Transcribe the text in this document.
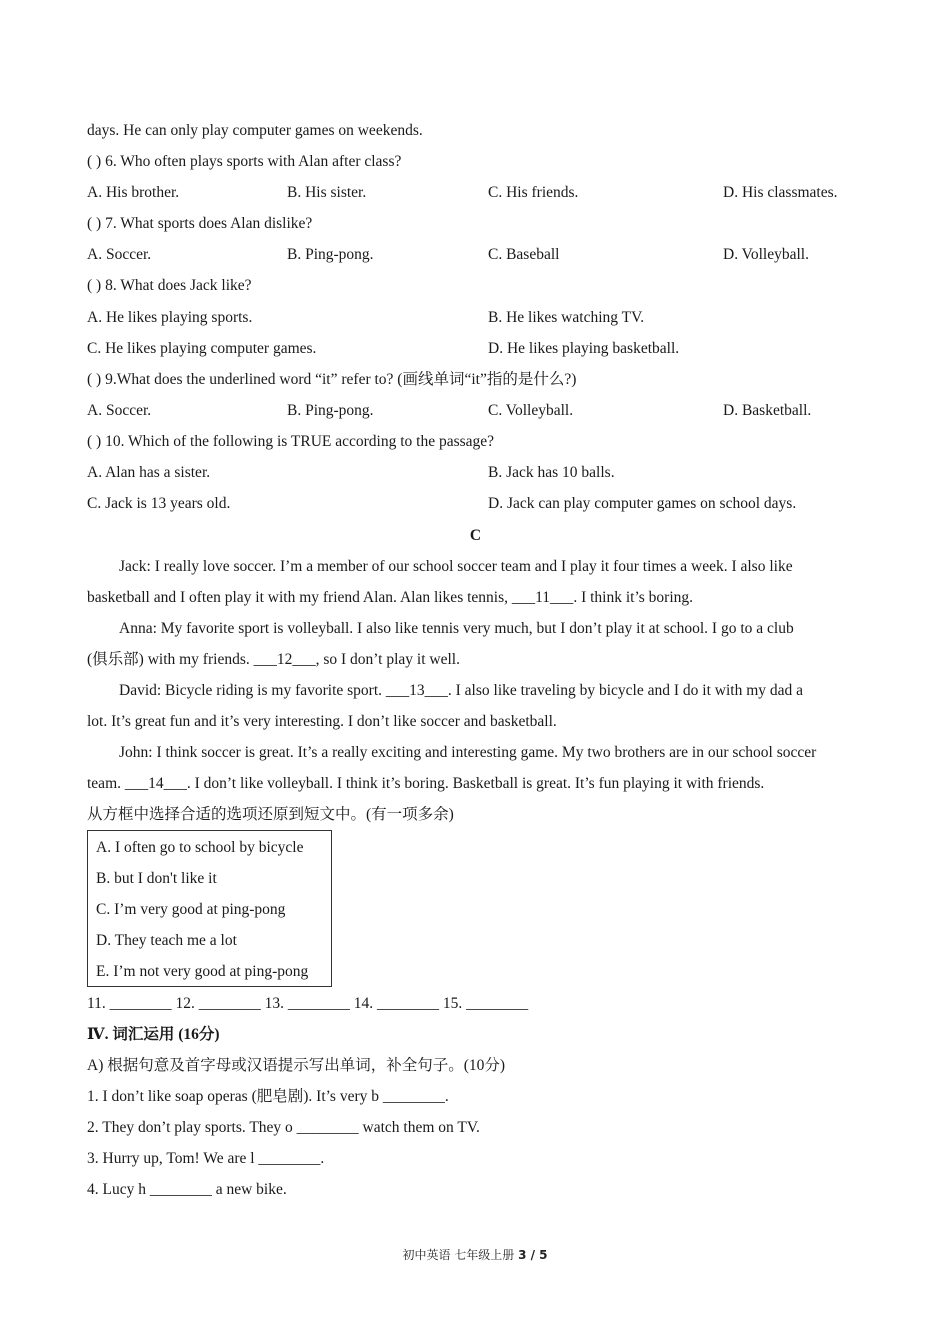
days. He can only play computer games on weekends.
( ) 6. Who often plays sports with Alan after class?
A. His brother.	B. His sister.	C. His friends.	D. His classmates.
( ) 7. What sports does Alan dislike?
A. Soccer.	B. Ping-pong.	C. Baseball	D. Volleyball.
( ) 8. What does Jack like?
A. He likes playing sports.	B. He likes watching TV.
C. He likes playing computer games.	D. He likes playing basketball.
( ) 9.What does the underlined word “it” refer to? (画线单词“it”指的是什么?)
A. Soccer.	B. Ping-pong.	C. Volleyball.	D. Basketball.
( ) 10. Which of the following is TRUE according to the passage?
A. Alan has a sister.	B. Jack has 10 balls.
C. Jack is 13 years old.	D. Jack can play computer games on school days.
C
Jack: I really love soccer. I’m a member of our school soccer team and I play it four times a week. I also like
basketball and I often play it with my friend Alan. Alan likes tennis, ___11___. I think it’s boring.
Anna: My favorite sport is volleyball. I also like tennis very much, but I don’t play it at school. I go to a club
(俱乐部) with my friends. ___12___, so I don’t play it well.
David: Bicycle riding is my favorite sport. ___13___. I also like traveling by bicycle and I do it with my dad a
lot. It’s great fun and it’s very interesting. I don’t like soccer and basketball.
John: I think soccer is great. It’s a really exciting and interesting game. My two brothers are in our school soccer
team. ___14___. I don’t like volleyball. I think it’s boring. Basketball is great. It’s fun playing it with friends.
从方框中选择合适的选项还原到短文中。(有一项多余)
A. I often go to school by bicycle
B. but I don't like it
C. I’m very good at ping-pong
D. They teach me a lot
E. I’m not very good at ping-pong
11. ________ 12. ________ 13. ________ 14. ________ 15. ________
Ⅳ. 词汇运用 (16分)
A) 根据句意及首字母或汉语提示写出单词，补全句子。(10分)
1. I don’t like soap operas (肥皂剧). It’s very b ________.
2. They don’t play sports. They o ________ watch them on TV.
3. Hurry up, Tom! We are l ________.
4. Lucy h ________ a new bike.
初中英语 七年级上册 3 / 5
